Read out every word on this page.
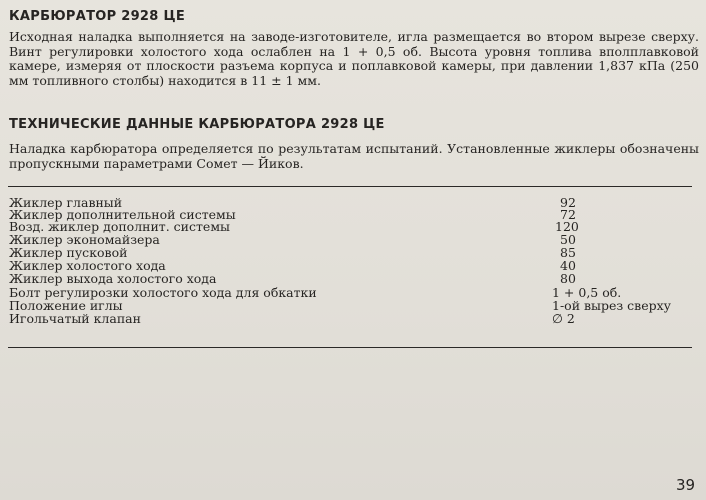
КАРБЮРАТОР 2928 ЦЕ
Исходная наладка выполняется на заводе-изготовителе, игла размещается во втором вырезе сверху. Винт регулировки холостого хода ослаблен на 1 + 0,5 об. Высота уровня топлива вполплавковой камере, измеряя от плоскости разъема корпуса и поплавковой камеры, при давлении 1,837 кПа (250 мм топливного столбы) находится в 11 ± 1 мм.
ТЕХНИЧЕСКИЕ ДАННЫЕ КАРБЮРАТОРА 2928 ЦЕ
Наладка карбюратора определяется по результатам испытаний. Установленные жиклеры обозначены пропускными параметрами Сомет — Йиков.
Жиклер главный	92
Жиклер дополнительной системы	72
Возд. жиклер дополнит. системы	120
Жиклер экономайзера	50
Жиклер пусковой	85
Жиклер холостого хода	40
Жиклер выхода холостого хода	80
Болт регулирозки холостого хода для обкатки	1 + 0,5 об.
Положение иглы	1-ой вырез сверху
Игольчатый клапан	∅ 2
39
